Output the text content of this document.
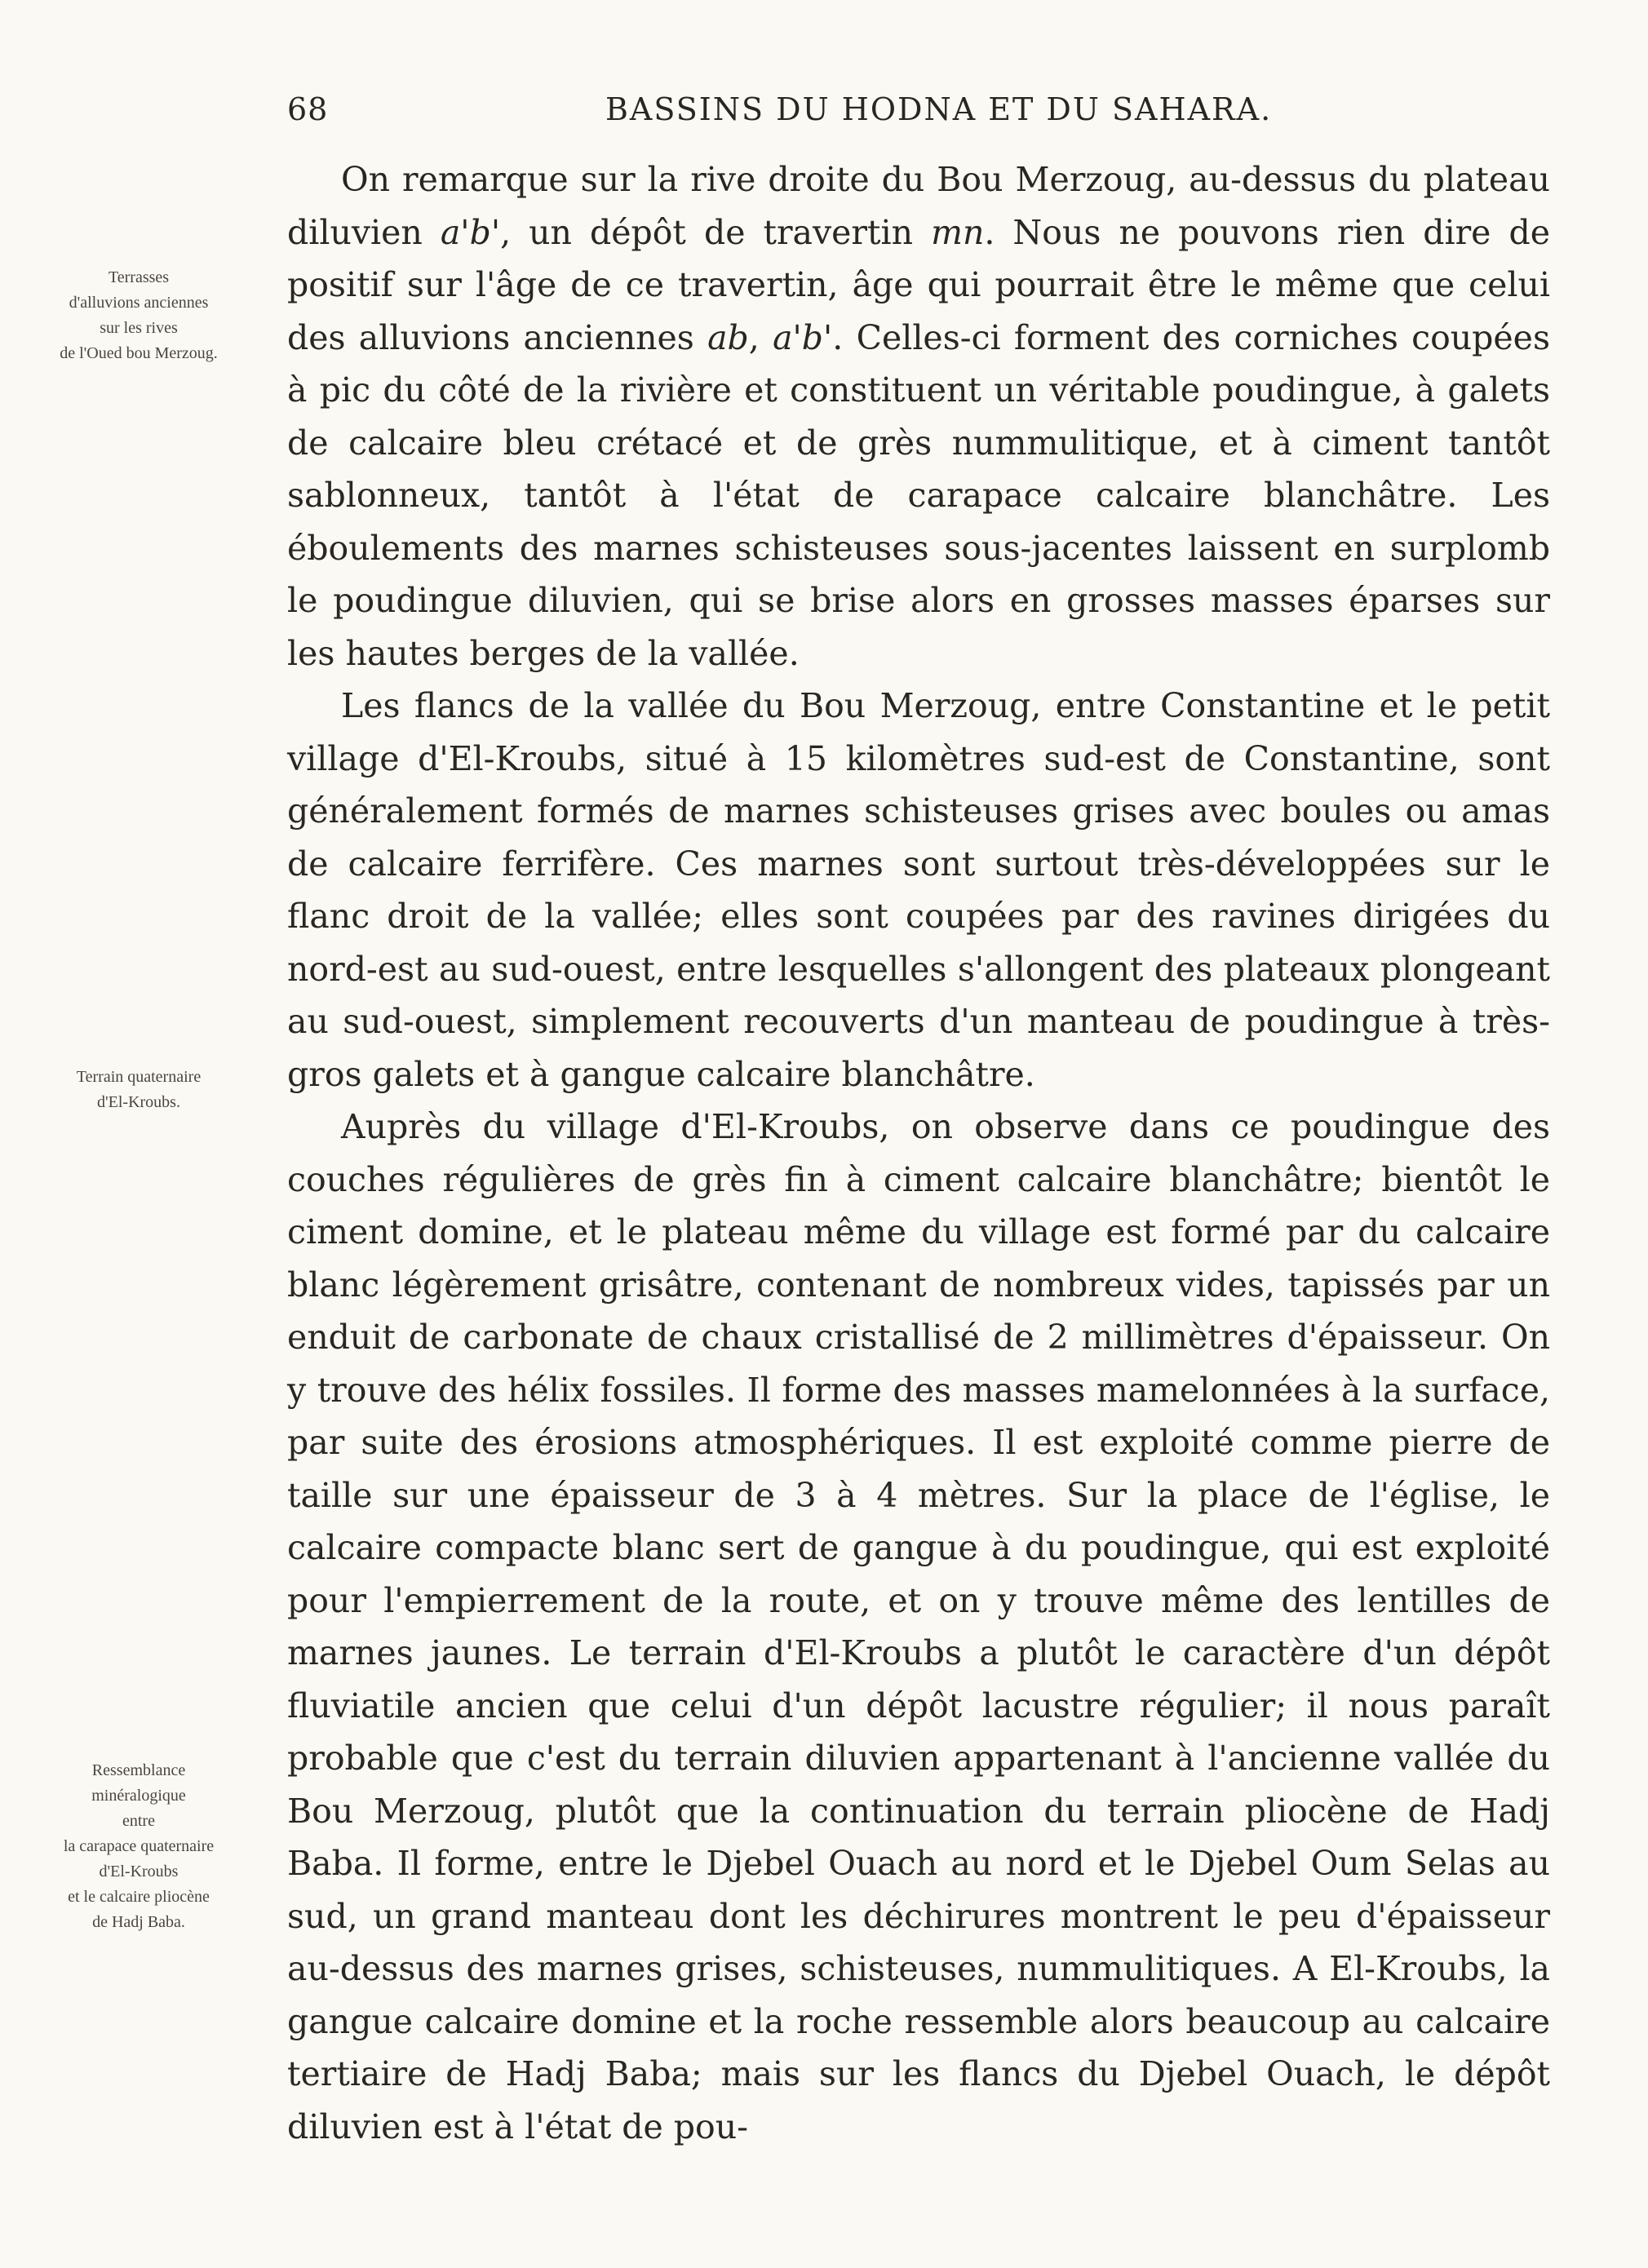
68	BASSINS DU HODNA ET DU SAHARA.
Terrasses
d'alluvions anciennes
sur les rives
de l'Oued bou Merzoug.
Terrain quaternaire
d'El-Kroubs.
Ressemblance
minéralogique
entre
la carapace quaternaire
d'El-Kroubs
et le calcaire pliocène
de Hadj Baba.

On remarque sur la rive droite du Bou Merzoug, au-dessus du plateau diluvien a'b', un dépôt de travertin mn. Nous ne pouvons rien dire de positif sur l'âge de ce travertin, âge qui pourrait être le même que celui des alluvions anciennes ab, a'b'. Celles-ci forment des corniches coupées à pic du côté de la rivière et constituent un véritable poudingue, à galets de calcaire bleu crétacé et de grès nummulitique, et à ciment tantôt sablonneux, tantôt à l'état de carapace calcaire blanchâtre. Les éboulements des marnes schisteuses sous-jacentes laissent en surplomb le poudingue diluvien, qui se brise alors en grosses masses éparses sur les hautes berges de la vallée.

Les flancs de la vallée du Bou Merzoug, entre Constantine et le petit village d'El-Kroubs, situé à 15 kilomètres sud-est de Constantine, sont généralement formés de marnes schisteuses grises avec boules ou amas de calcaire ferrifère. Ces marnes sont surtout très-développées sur le flanc droit de la vallée; elles sont coupées par des ravines dirigées du nord-est au sud-ouest, entre lesquelles s'allongent des plateaux plongeant au sud-ouest, simplement recouverts d'un manteau de poudingue à très-gros galets et à gangue calcaire blanchâtre.

Auprès du village d'El-Kroubs, on observe dans ce poudingue des couches régulières de grès fin à ciment calcaire blanchâtre; bientôt le ciment domine, et le plateau même du village est formé par du calcaire blanc légèrement grisâtre, contenant de nombreux vides, tapissés par un enduit de carbonate de chaux cristallisé de 2 millimètres d'épaisseur. On y trouve des hélix fossiles. Il forme des masses mamelonnées à la surface, par suite des érosions atmosphériques. Il est exploité comme pierre de taille sur une épaisseur de 3 à 4 mètres. Sur la place de l'église, le calcaire compacte blanc sert de gangue à du poudingue, qui est exploité pour l'empierrement de la route, et on y trouve même des lentilles de marnes jaunes. Le terrain d'El-Kroubs a plutôt le caractère d'un dépôt fluviatile ancien que celui d'un dépôt lacustre régulier; il nous paraît probable que c'est du terrain diluvien appartenant à l'ancienne vallée du Bou Merzoug, plutôt que la continuation du terrain pliocène de Hadj Baba. Il forme, entre le Djebel Ouach au nord et le Djebel Oum Selas au sud, un grand manteau dont les déchirures montrent le peu d'épaisseur au-dessus des marnes grises, schisteuses, nummulitiques. A El-Kroubs, la gangue calcaire domine et la roche ressemble alors beaucoup au calcaire tertiaire de Hadj Baba; mais sur les flancs du Djebel Ouach, le dépôt diluvien est à l'état de pou-
